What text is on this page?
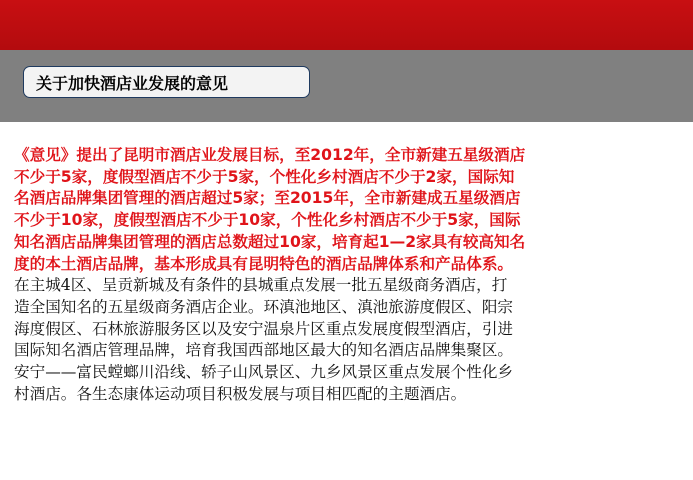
关于加快酒店业发展的意见
《意见》提出了昆明市酒店业发展目标，至2012年，全市新建五星级酒店
不少于5家，度假型酒店不少于5家，个性化乡村酒店不少于2家，国际知
名酒店品牌集团管理的酒店超过5家；至2015年，全市新建成五星级酒店
不少于10家，度假型酒店不少于10家，个性化乡村酒店不少于5家，国际
知名酒店品牌集团管理的酒店总数超过10家，培育起1—2家具有较高知名
度的本土酒店品牌，基本形成具有昆明特色的酒店品牌体系和产品体系。
在主城4区、呈贡新城及有条件的县城重点发展一批五星级商务酒店，打
造全国知名的五星级商务酒店企业。环滇池地区、滇池旅游度假区、阳宗
海度假区、石林旅游服务区以及安宁温泉片区重点发展度假型酒店，引进
国际知名酒店管理品牌，培育我国西部地区最大的知名酒店品牌集聚区。
安宁——富民螳螂川沿线、轿子山风景区、九乡风景区重点发展个性化乡
村酒店。各生态康体运动项目积极发展与项目相匹配的主题酒店。
